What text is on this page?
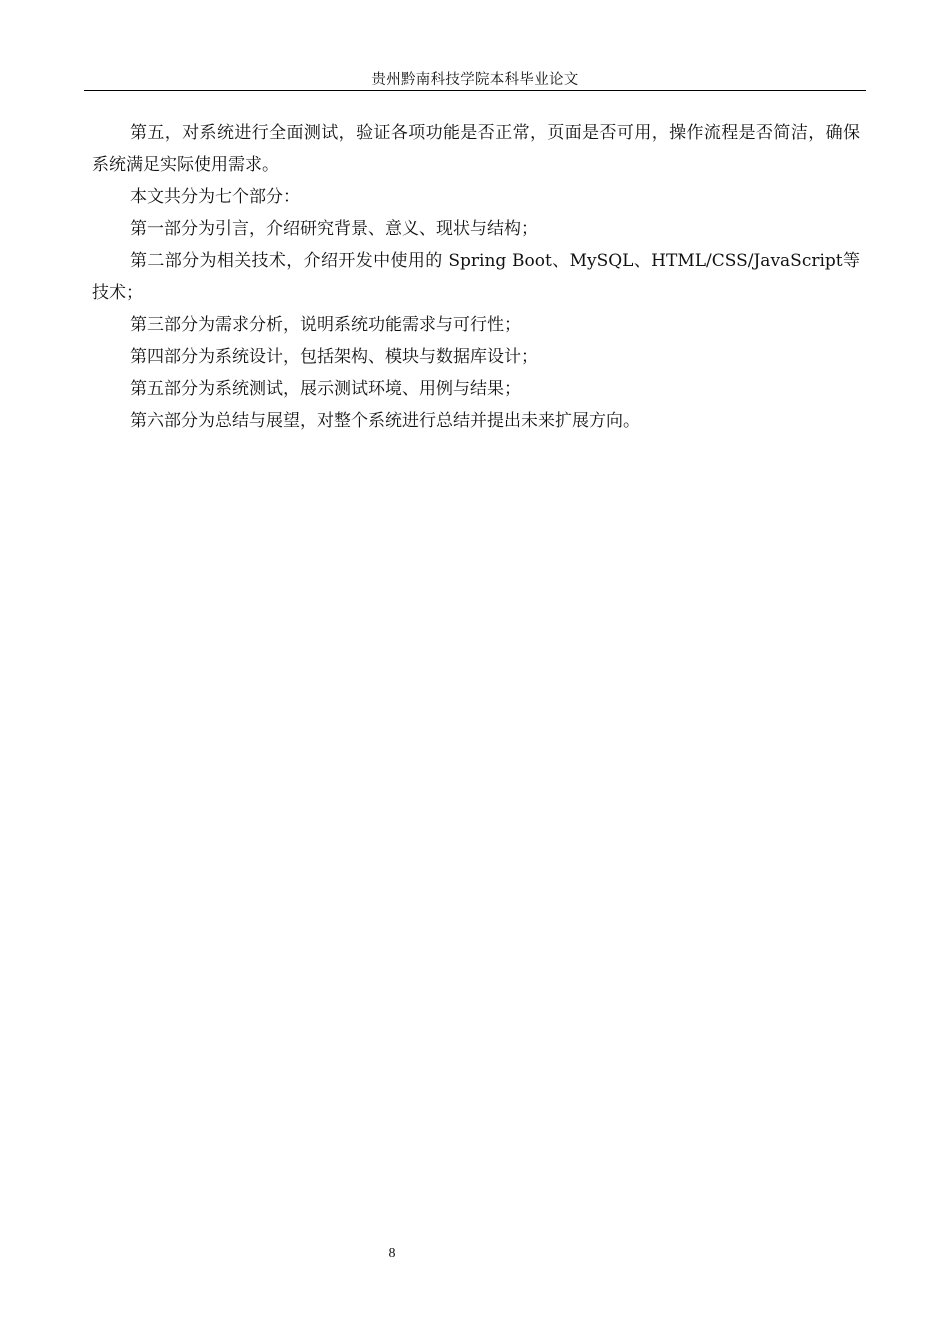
贵州黔南科技学院本科毕业论文

第五，对系统进行全面测试，验证各项功能是否正常，页面是否可用，操作流程是否简洁，确保系统满足实际使用需求。

本文共分为七个部分：

第一部分为引言，介绍研究背景、意义、现状与结构；

第二部分为相关技术，介绍开发中使用的 Spring Boot、MySQL、HTML/CSS/JavaScript等技术；

第三部分为需求分析，说明系统功能需求与可行性；

第四部分为系统设计，包括架构、模块与数据库设计；

第五部分为系统测试，展示测试环境、用例与结果；

第六部分为总结与展望，对整个系统进行总结并提出未来扩展方向。

8
